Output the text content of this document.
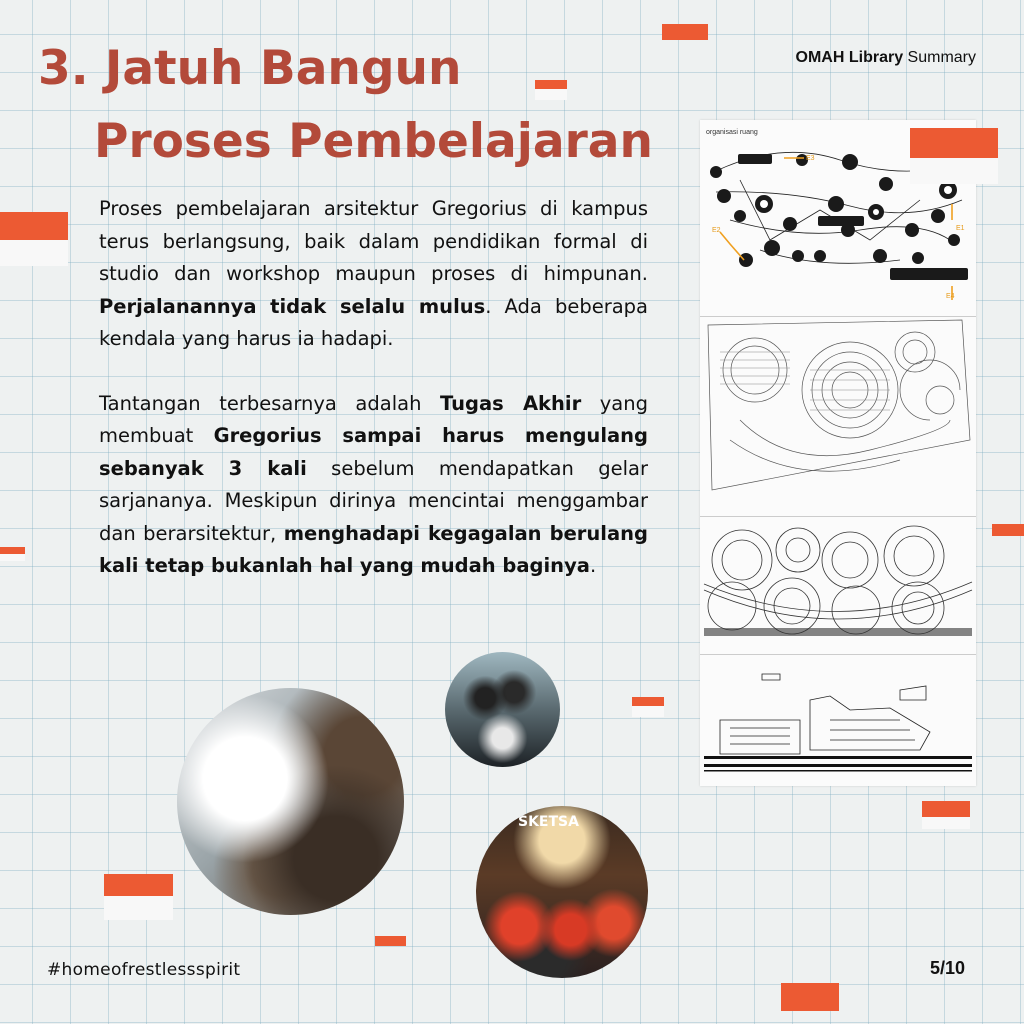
3. Jatuh Bangun
Proses Pembelajaran
OMAH Library Summary

Proses pembelajaran arsitektur Gregorius di kampus terus berlangsung, baik dalam pendidikan formal di studio dan workshop maupun proses di himpunan. Perjalanannya tidak selalu mulus. Ada beberapa kendala yang harus ia hadapi.

Tantangan terbesarnya adalah Tugas Akhir yang membuat Gregorius sampai harus mengulang sebanyak 3 kali sebelum mendapatkan gelar sarjananya. Meskipun dirinya mencintai menggambar dan berarsitektur, menghadapi kegagalan berulang kali tetap bukanlah hal yang mudah baginya.

organisasi ruang
E3
E2	E1
E4
SKETSA
#homeofrestlessspirit	5/10
